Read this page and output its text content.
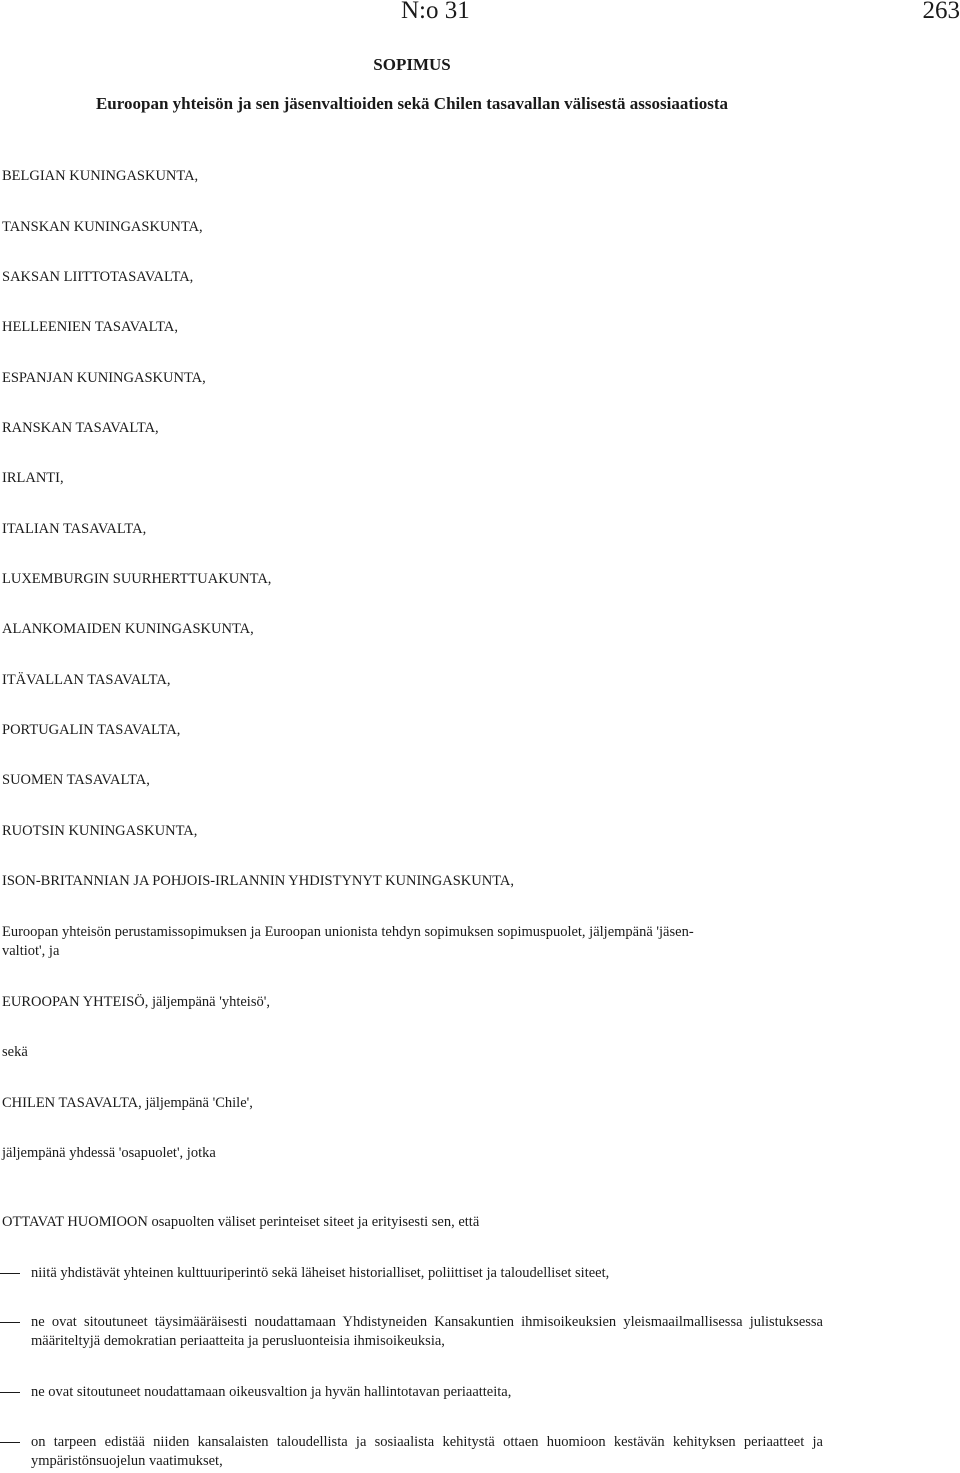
N:o 31	263
SOPIMUS
Euroopan yhteisön ja sen jäsenvaltioiden sekä Chilen tasavallan välisestä assosiaatiosta
BELGIAN KUNINGASKUNTA,
TANSKAN KUNINGASKUNTA,
SAKSAN LIITTOTASAVALTA,
HELLEENIEN TASAVALTA,
ESPANJAN KUNINGASKUNTA,
RANSKAN TASAVALTA,
IRLANTI,
ITALIAN TASAVALTA,
LUXEMBURGIN SUURHERTTUAKUNTA,
ALANKOMAIDEN KUNINGASKUNTA,
ITÄVALLAN TASAVALTA,
PORTUGALIN TASAVALTA,
SUOMEN TASAVALTA,
RUOTSIN KUNINGASKUNTA,
ISON-BRITANNIAN JA POHJOIS-IRLANNIN YHDISTYNYT KUNINGASKUNTA,
Euroopan yhteisön perustamissopimuksen ja Euroopan unionista tehdyn sopimuksen sopimuspuolet, jäljempänä 'jäsen-
valtiot', ja
EUROOPAN YHTEISÖ, jäljempänä 'yhteisö',
sekä
CHILEN TASAVALTA, jäljempänä 'Chile',
jäljempänä yhdessä 'osapuolet', jotka
OTTAVAT HUOMIOON osapuolten väliset perinteiset siteet ja erityisesti sen, että
niitä yhdistävät yhteinen kulttuuriperintö sekä läheiset historialliset, poliittiset ja taloudelliset siteet,
ne ovat sitoutuneet täysimääräisesti noudattamaan Yhdistyneiden Kansakuntien ihmisoikeuksien yleismaailmallisessa julistuksessa määriteltyjä demokratian periaatteita ja perusluonteisia ihmisoikeuksia,
ne ovat sitoutuneet noudattamaan oikeusvaltion ja hyvän hallintotavan periaatteita,
on tarpeen edistää niiden kansalaisten taloudellista ja sosiaalista kehitystä ottaen huomioon kestävän kehityksen periaatteet ja ympäristönsuojelun vaatimukset,
